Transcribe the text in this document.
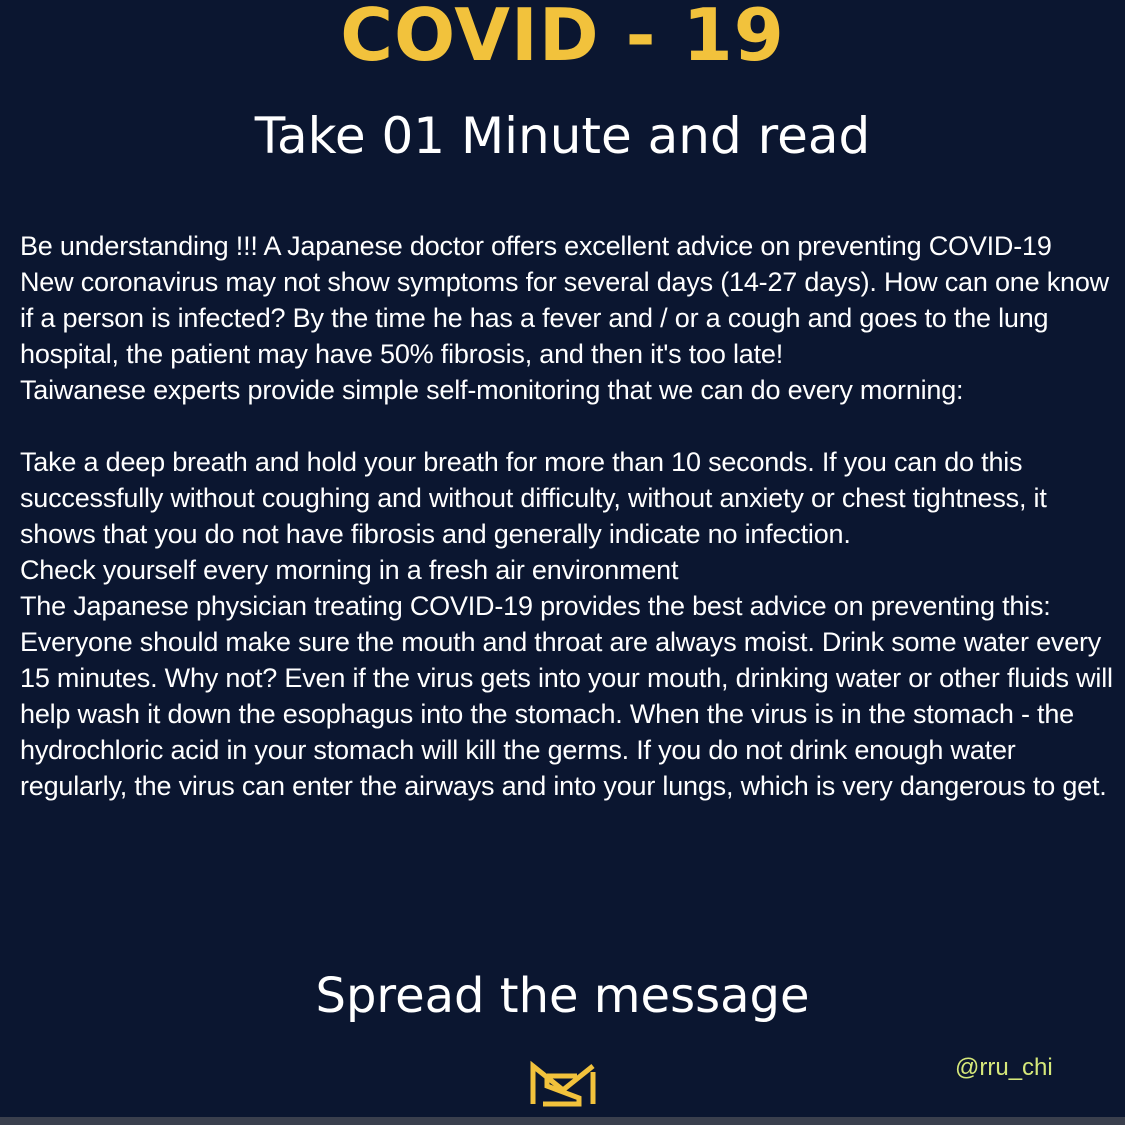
COVID - 19
Take 01 Minute and read

Be understanding !!! A Japanese doctor offers excellent advice on preventing COVID-19

New coronavirus may not show symptoms for several days (14-27 days). How can one know if a person is infected? By the time he has a fever and / or a cough and goes to the lung hospital, the patient may have 50% fibrosis, and then it's too late!

Taiwanese experts provide simple self-monitoring that we can do every morning:

Take a deep breath and hold your breath for more than 10 seconds. If you can do this successfully without coughing and without difficulty, without anxiety or chest tightness, it shows that you do not have fibrosis and generally indicate no infection.

Check yourself every morning in a fresh air environment

The Japanese physician treating COVID-19 provides the best advice on preventing this:

Everyone should make sure the mouth and throat are always moist. Drink some water every 15 minutes. Why not? Even if the virus gets into your mouth, drinking water or other fluids will help wash it down the esophagus into the stomach. When the virus is in the stomach - the hydrochloric acid in your stomach will kill the germs. If you do not drink enough water regularly, the virus can enter the airways and into your lungs, which is very dangerous to get.

Spread the message
@rru_chi
